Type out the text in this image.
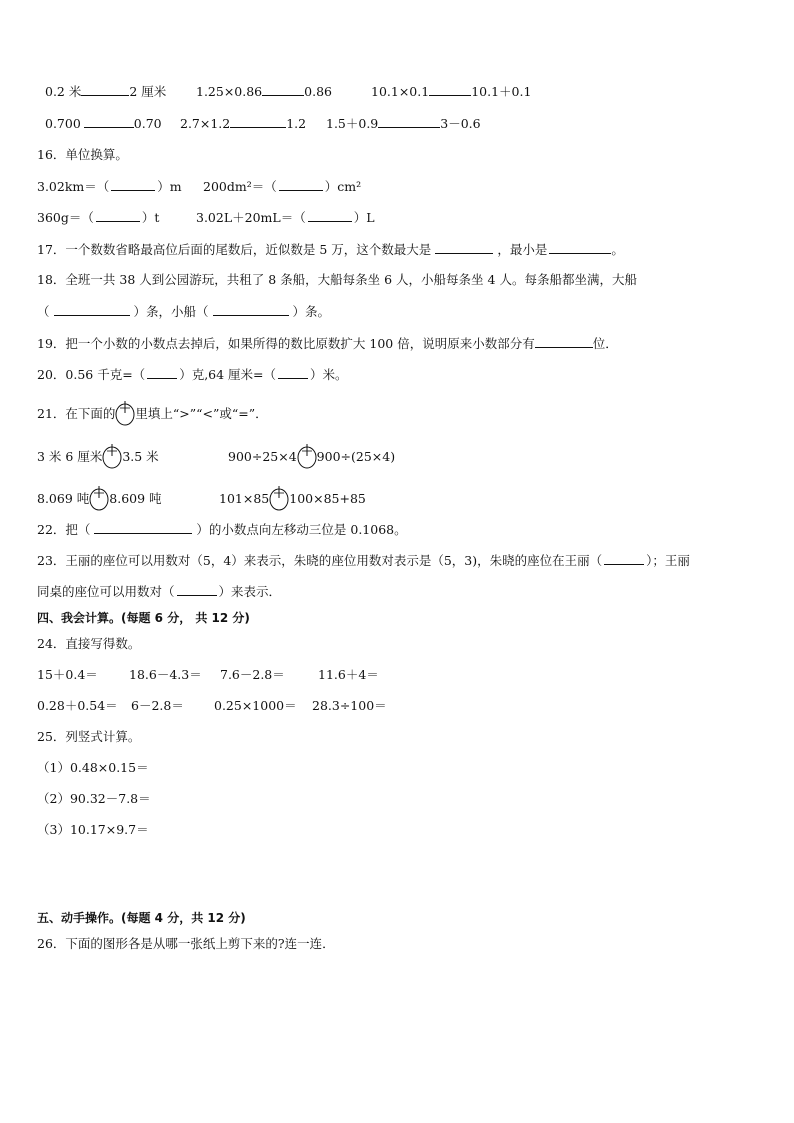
0.2 米	2 厘米 1.25×0.86	0.86	10.1×0.1	10.1＋0.1
0.700	0.70 2.7×1.2	1.2 1.5＋0.9	3－0.6
16．单位换算。
3.02km＝（	）m 200dm²＝（	）cm²
360g＝（	）t	3.02L＋20mL＝（	）L
17．一个数数省略最高位后面的尾数后，近似数是 5 万，这个数最大是	，最小是	。
18．全班一共 38 人到公园游玩，共租了 8 条船，大船每条坐 6 人，小船每条坐 4 人。每条船都坐满，大船
（	）条，小船（	）条。
19．把一个小数的小数点去掉后，如果所得的数比原数扩大 100 倍，说明原来小数部分有	位．
20．0.56 千克=（	）克,64 厘米=（	）米。
21．在下面的 里填上“>”“<”或“=”．
3 米 6 厘米 3.5 米	900÷25×4 900÷(25×4)
8.069 吨 8.609 吨	101×85 100×85+85
22．把（	）的小数点向左移动三位是 0.1068。
23．王丽的座位可以用数对（5，4）来表示，朱晓的座位用数对表示是（5，3)，朱晓的座位在王丽（	）；王丽
同桌的座位可以用数对（	）来表示．
四、我会计算。(每题 6 分， 共 12 分)
24．直接写得数。
15＋0.4＝ 18.6－4.3＝ 7.6－2.8＝	11.6＋4＝
0.28＋0.54＝ 6－2.8＝ 0.25×1000＝ 28.3÷100＝
25．列竖式计算。
（1）0.48×0.15＝
（2）90.32－7.8＝
（3）10.17×9.7＝
五、动手操作。(每题 4 分，共 12 分)
26．下面的图形各是从哪一张纸上剪下来的?连一连．
